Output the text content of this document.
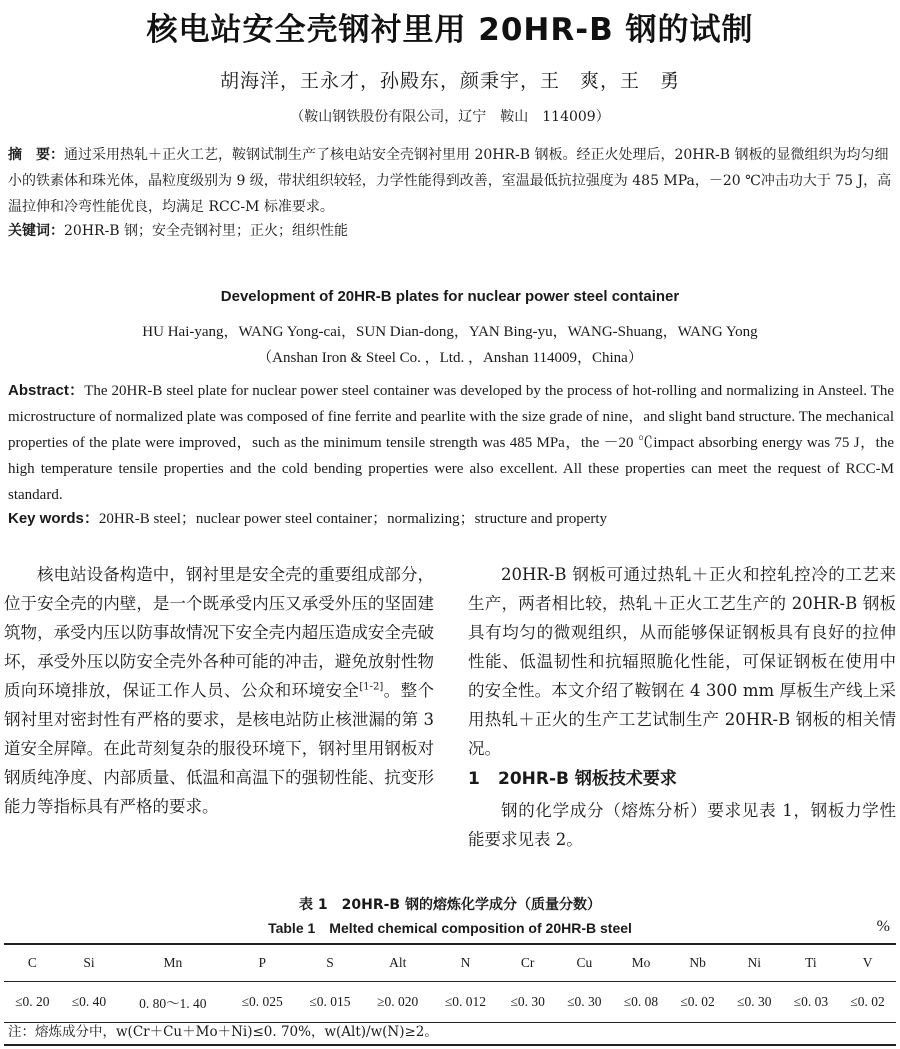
核电站安全壳钢衬里用 20HR-B 钢的试制
胡海洋，王永才，孙殿东，颜秉宇，王　爽，王　勇
（鞍山钢铁股份有限公司，辽宁　鞍山　114009）
摘　要：通过采用热轧＋正火工艺，鞍钢试制生产了核电站安全壳钢衬里用 20HR-B 钢板。经正火处理后，20HR-B 钢板的显微组织为均匀细小的铁素体和珠光体，晶粒度级别为 9 级，带状组织较轻，力学性能得到改善，室温最低抗拉强度为 485 MPa，－20 ℃冲击功大于 75 J，高温拉伸和冷弯性能优良，均满足 RCC-M 标准要求。
关键词：20HR-B 钢；安全壳钢衬里；正火；组织性能
Development of 20HR-B plates for nuclear power steel container
HU Hai-yang，WANG Yong-cai，SUN Dian-dong，YAN Bing-yu，WANG-Shuang，WANG Yong
（Anshan Iron & Steel Co. ，Ltd. ，Anshan 114009，China）
Abstract：The 20HR-B steel plate for nuclear power steel container was developed by the process of hot-rolling and normalizing in Ansteel. The microstructure of normalized plate was composed of fine ferrite and pearlite with the size grade of nine，and slight band structure. The mechanical properties of the plate were improved，such as the minimum tensile strength was 485 MPa，the －20 ℃impact absorbing energy was 75 J，the high temperature tensile properties and the cold bending properties were also excellent. All these properties can meet the request of RCC-M standard.
Key words：20HR-B steel；nuclear power steel container；normalizing；structure and property

核电站设备构造中，钢衬里是安全壳的重要组成部分，位于安全壳的内壁，是一个既承受内压又承受外压的坚固建筑物，承受内压以防事故情况下安全壳内超压造成安全壳破坏，承受外压以防安全壳外各种可能的冲击，避免放射性物质向环境排放，保证工作人员、公众和环境安全[1-2]。整个钢衬里对密封性有严格的要求，是核电站防止核泄漏的第 3 道安全屏障。在此苛刻复杂的服役环境下，钢衬里用钢板对钢质纯净度、内部质量、低温和高温下的强韧性能、抗变形能力等指标具有严格的要求。

20HR-B 钢板可通过热轧＋正火和控轧控冷的工艺来生产，两者相比较，热轧＋正火工艺生产的 20HR-B 钢板具有均匀的微观组织，从而能够保证钢板具有良好的拉伸性能、低温韧性和抗辐照脆化性能，可保证钢板在使用中的安全性。本文介绍了鞍钢在 4 300 mm 厚板生产线上采用热轧＋正火的生产工艺试制生产 20HR-B 钢板的相关情况。

1 20HR-B 钢板技术要求

钢的化学成分（熔炼分析）要求见表 1，钢板力学性能要求见表 2。

表 1　20HR-B 钢的熔炼化学成分（质量分数）
Table 1　Melted chemical composition of 20HR-B steel	%
C	Si	Mn	P	S	Alt	N	Cr	Cu	Mo	Nb	Ni	Ti	V
≤0. 20	≤0. 40	0. 80～1. 40	≤0. 025	≤0. 015	≥0. 020	≤0. 012	≤0. 30	≤0. 30	≤0. 08	≤0. 02	≤0. 30	≤0. 03	≤0. 02
注：熔炼成分中，w(Cr＋Cu＋Mo＋Ni)≤0. 70%，w(Alt)/w(N)≥2。
